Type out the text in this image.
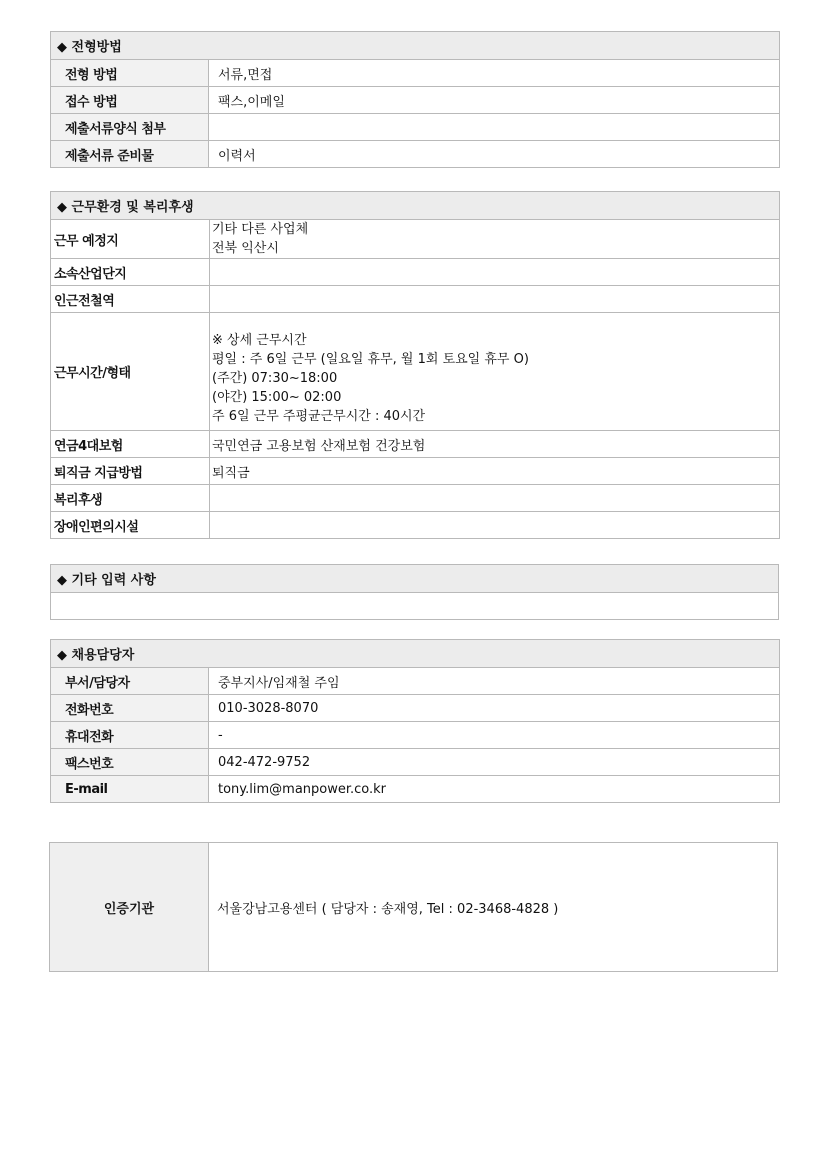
◆ 전형방법	
전형 방법	서류,면접
접수 방법	팩스,이메일
제출서류양식 첨부	
제출서류 준비물	이력서
◆ 근무환경 및 복리후생	
근무 예정지	기타 다른 사업체
전북 익산시

소속산업단지	
인근전철역	
근무시간/형태	※ 상세 근무시간
평일 : 주 6일 근무 (일요일 휴무, 월 1회 토요일 휴무 O)
(주간) 07:30~18:00
(야간) 15:00~ 02:00
주 6일 근무 주평균근무시간 : 40시간

연금4대보험	국민연금 고용보험 산재보험 건강보험
퇴직금 지급방법	퇴직금
복리후생	
장애인편의시설	
◆ 기타 입력 사항

◆ 채용담당자	
부서/담당자	중부지사/임재철 주임
전화번호	010-3028-8070
휴대전화	-
팩스번호	042-472-9752
E-mail	tony.lim@manpower.co.kr
인증기관	서울강남고용센터 ( 담당자 : 송재영, Tel : 02-3468-4828 )
